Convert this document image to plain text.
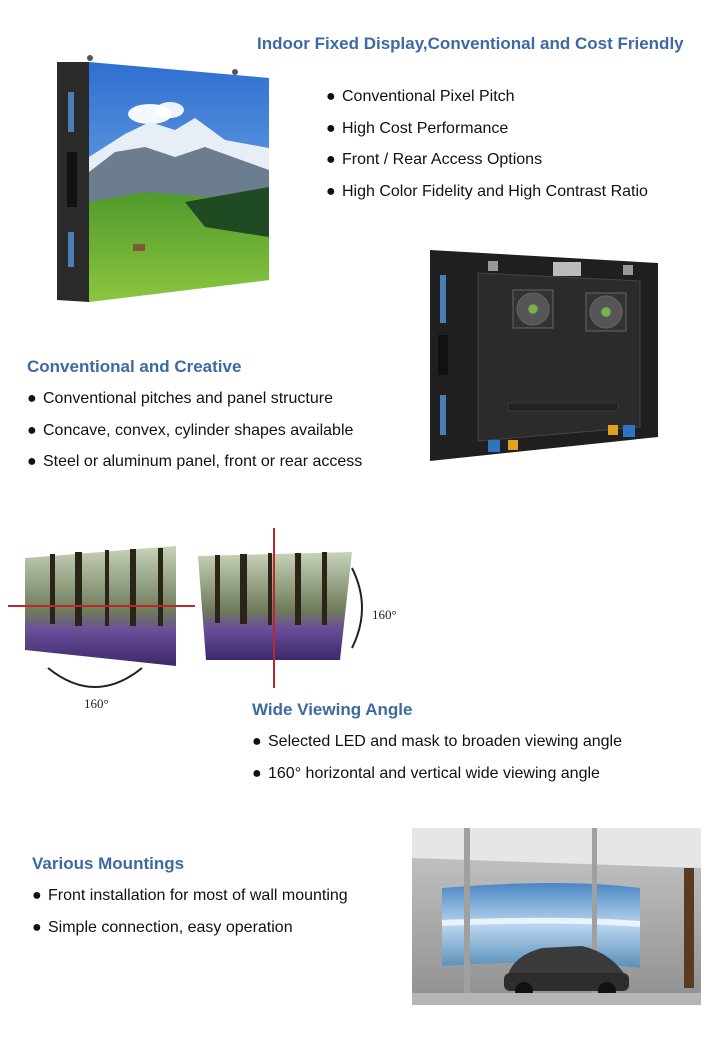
Indoor Fixed Display,Conventional and Cost Friendly
● Conventional Pixel Pitch
● High Cost Performance
● Front / Rear Access Options
● High Color Fidelity and High Contrast Ratio
Conventional and Creative
● Conventional pitches and panel structure
● Concave, convex, cylinder shapes available
● Steel or aluminum panel, front or rear access
160°
160°
Wide Viewing Angle
● Selected LED and mask to broaden viewing angle
● 160° horizontal and vertical wide viewing angle
Various Mountings
● Front installation for most of wall mounting
● Simple connection, easy operation
